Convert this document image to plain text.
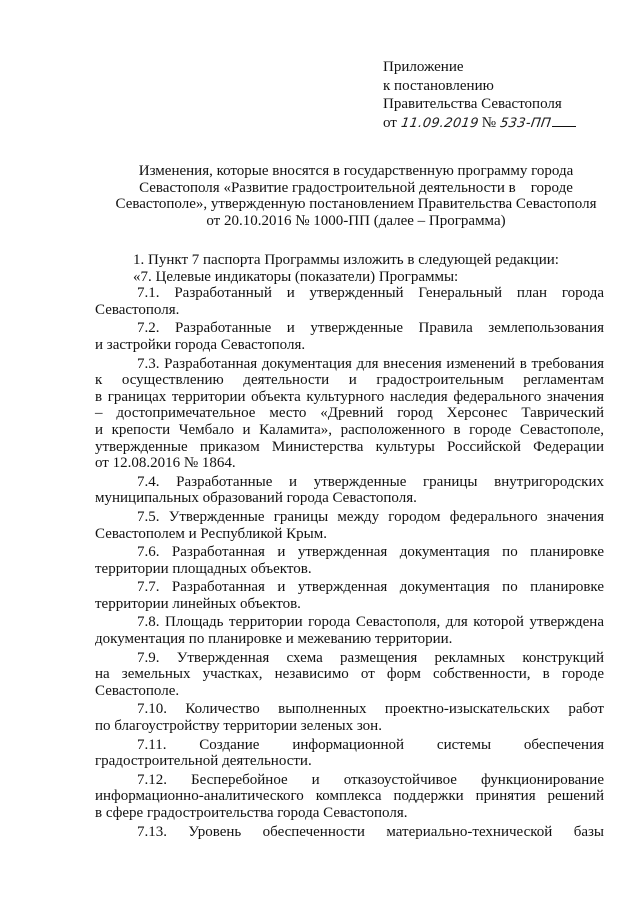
Приложение
к постановлению
Правительства Севастополя
от 11.09.2019 № 533-ПП
Изменения, которые вносятся в государственную программу города
Севастополя «Развитие градостроительной деятельности в    городе
Севастополе», утвержденную постановлением Правительства Севастополя
от 20.10.2016 № 1000-ПП (далее – Программа)

1. Пункт 7 паспорта Программы изложить в следующей редакции:

«7. Целевые индикаторы (показатели) Программы:

7.1. Разработанный и утвержденный Генеральный план города
Севастополя.
7.2. Разработанные и утвержденные Правила землепользования
и застройки города Севастополя.
7.3. Разработанная документация для внесения изменений в требования
к осуществлению деятельности и градостроительным регламентам
в границах территории объекта культурного наследия федерального значения
– достопримечательное место «Древний город Херсонес Таврический
и крепости Чембало и Каламита», расположенного в городе Севастополе,
утвержденные приказом Министерства культуры Российской Федерации
от 12.08.2016 № 1864.
7.4. Разработанные и утвержденные границы внутригородских
муниципальных образований города Севастополя.
7.5. Утвержденные границы между городом федерального значения
Севастополем и Республикой Крым.
7.6. Разработанная и утвержденная документация по планировке
территории площадных объектов.
7.7. Разработанная и утвержденная документация по планировке
территории линейных объектов.
7.8. Площадь территории города Севастополя, для которой утверждена
документация по планировке и межеванию территории.
7.9. Утвержденная схема размещения рекламных конструкций
на земельных участках, независимо от форм собственности, в городе
Севастополе.
7.10. Количество выполненных проектно-изыскательских работ
по благоустройству территории зеленых зон.
7.11. Создание информационной системы обеспечения
градостроительной деятельности.
7.12. Бесперебойное и отказоустойчивое функционирование
информационно-аналитического комплекса поддержки принятия решений
в сфере градостроительства города Севастополя.
7.13. Уровень обеспеченности материально-технической базы
